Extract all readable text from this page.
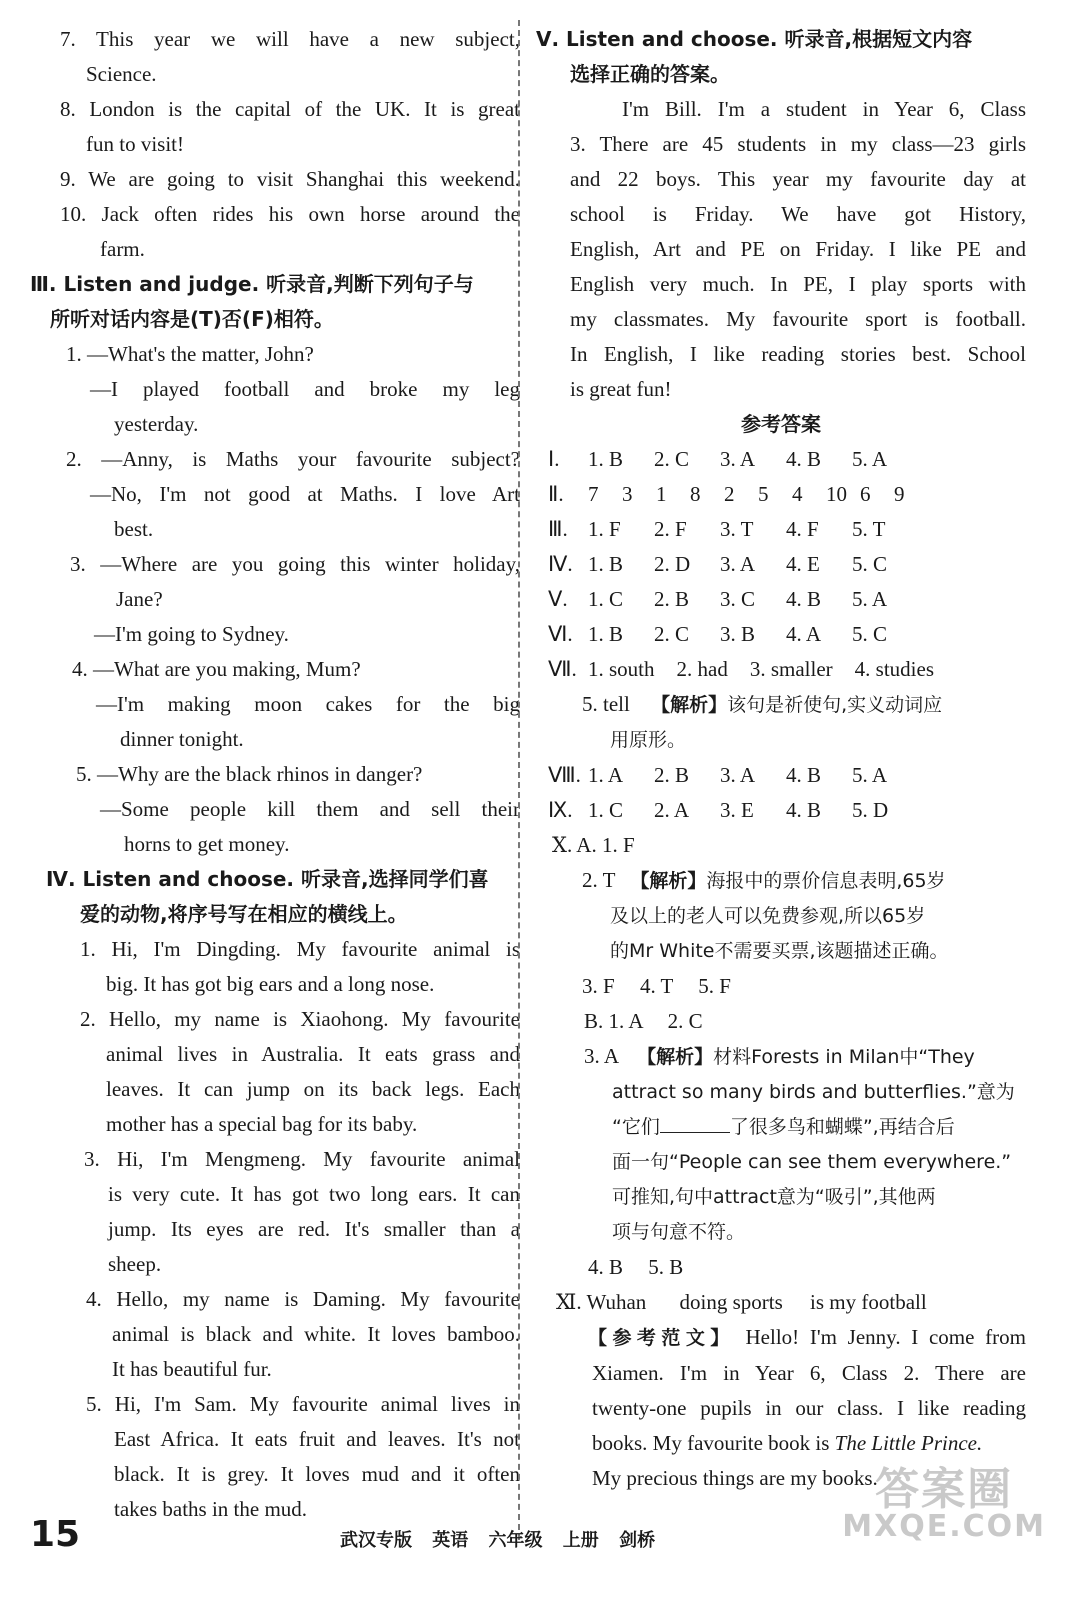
7. This year we will have a new subject,
Science.
8. London is the capital of the UK. It is great
fun to visit!
9. We are going to visit Shanghai this weekend.
10. Jack often rides his own horse around the
farm.
Ⅲ. Listen and judge. 听录音,判断下列句子与
所听对话内容是(T)否(F)相符。
1. —What's the matter, John?
—I played football and broke my leg
yesterday.
2. —Anny, is Maths your favourite subject?
—No, I'm not good at Maths. I love Art
best.
3. —Where are you going this winter holiday,
Jane?
—I'm going to Sydney.
4. —What are you making, Mum?
—I'm making moon cakes for the big
dinner tonight.
5. —Why are the black rhinos in danger?
—Some people kill them and sell their
horns to get money.
Ⅳ. Listen and choose. 听录音,选择同学们喜
爱的动物,将序号写在相应的横线上。
1. Hi, I'm Dingding. My favourite animal is
big. It has got big ears and a long nose.
2. Hello, my name is Xiaohong. My favourite
animal lives in Australia. It eats grass and
leaves. It can jump on its back legs. Each
mother has a special bag for its baby.
3. Hi, I'm Mengmeng. My favourite animal
is very cute. It has got two long ears. It can
jump. Its eyes are red. It's smaller than a
sheep.
4. Hello, my name is Daming. My favourite
animal is black and white. It loves bamboo.
It has beautiful fur.
5. Hi, I'm Sam. My favourite animal lives in
East Africa. It eats fruit and leaves. It's not
black. It is grey. It loves mud and it often
takes baths in the mud.
Ⅴ. Listen and choose. 听录音,根据短文内容
选择正确的答案。
I'm Bill. I'm a student in Year 6, Class
3. There are 45 students in my class—23 girls
and 22 boys. This year my favourite day at
school is Friday. We have got History,
English, Art and PE on Friday. I like PE and
English very much. In PE, I play sports with
my classmates. My favourite sport is football.
In English, I like reading stories best. School
is great fun!
参考答案
Ⅰ.	1. B	2. C	3. A	4. B	5. A
Ⅱ.	7	3	1	8	2	5	4	10 6	9
Ⅲ. 1. F	2. F	3. T	4. F	5. T
Ⅳ. 1. B	2. D	3. A	4. E	5. C
Ⅴ. 1. C	2. B	3. C	4. B	5. A
Ⅵ. 1. B	2. C	3. B	4. A	5. C
Ⅶ. 1. south 2. had 3. smaller 4. studies
5. tell 【解析】该句是祈使句,实义动词应
用原形。
Ⅷ. 1. A	2. B	3. A	4. B	5. A
Ⅸ. 1. C	2. A	3. E	4. B	5. D
Ⅹ. A. 1. F
2. T 【解析】海报中的票价信息表明,65岁
及以上的老人可以免费参观,所以65岁
的Mr White不需要买票,该题描述正确。
3. F 4. T 5. F
B. 1. A 2. C
3. A 【解析】材料Forests in Milan中“They
attract so many birds and butterflies.”意为
“它们	了很多鸟和蝴蝶”,再结合后
面一句“People can see them everywhere.”
可推知,句中attract意为“吸引”,其他两
项与句意不符。
4. B 5. B
Ⅺ. Wuhan doing sports is my football
【参考范文】 Hello! I'm Jenny. I come from
Xiamen. I'm in Year 6, Class 2. There are
twenty-one pupils in our class. I like reading
books. My favourite book is The Little Prince.
My precious things are my books.
答案圈
MXQE.COM
15	武汉专版 英语 六年级 上册 剑桥
